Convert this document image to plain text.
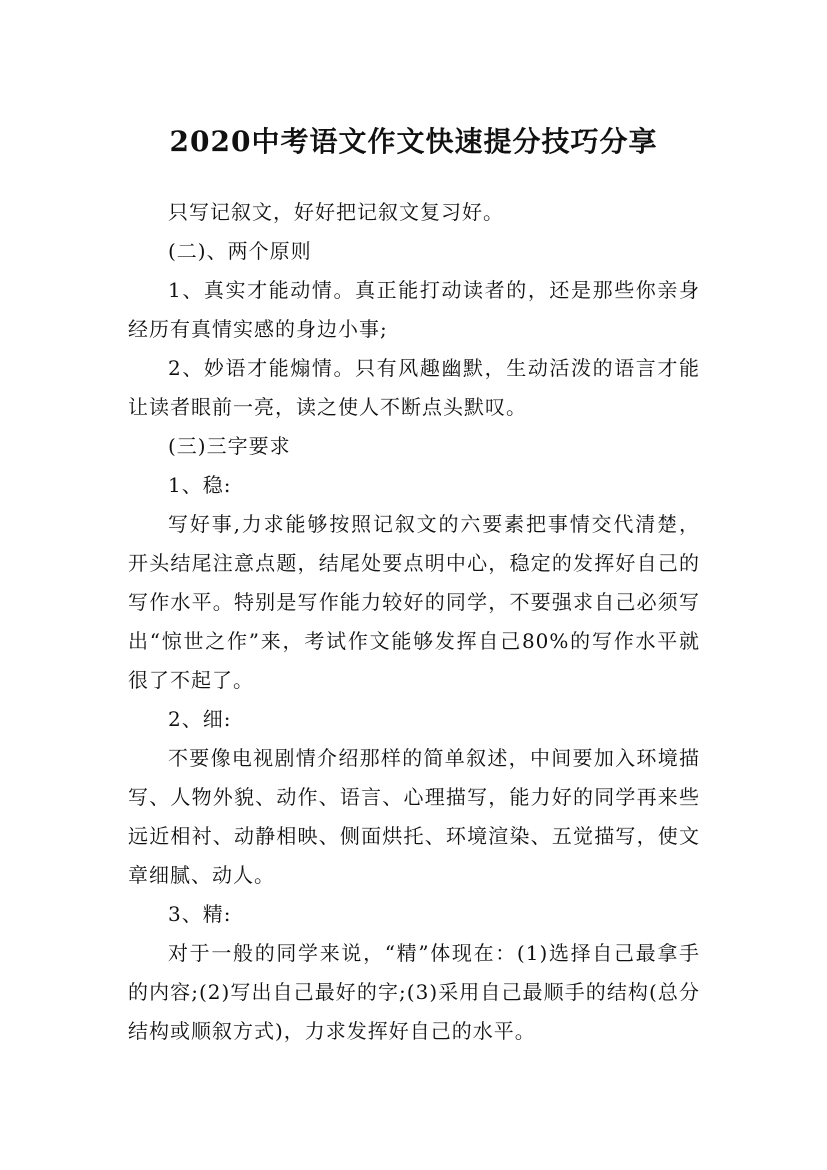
2020中考语文作文快速提分技巧分享

只写记叙文，好好把记叙文复习好。

(二)、两个原则

1、真实才能动情。真正能打动读者的，还是那些你亲身经历有真情实感的身边小事;

2、妙语才能煽情。只有风趣幽默，生动活泼的语言才能让读者眼前一亮，读之使人不断点头默叹。

(三)三字要求

1、稳:

写好事,力求能够按照记叙文的六要素把事情交代清楚，开头结尾注意点题，结尾处要点明中心，稳定的发挥好自己的写作水平。特别是写作能力较好的同学，不要强求自己必须写出“惊世之作”来，考试作文能够发挥自己80%的写作水平就很了不起了。

2、细:

不要像电视剧情介绍那样的简单叙述，中间要加入环境描写、人物外貌、动作、语言、心理描写，能力好的同学再来些远近相衬、动静相映、侧面烘托、环境渲染、五觉描写，使文章细腻、动人。

3、精:

对于一般的同学来说，“精”体现在：(1)选择自己最拿手的内容;(2)写出自己最好的字;(3)采用自己最顺手的结构(总分结构或顺叙方式)，力求发挥好自己的水平。
